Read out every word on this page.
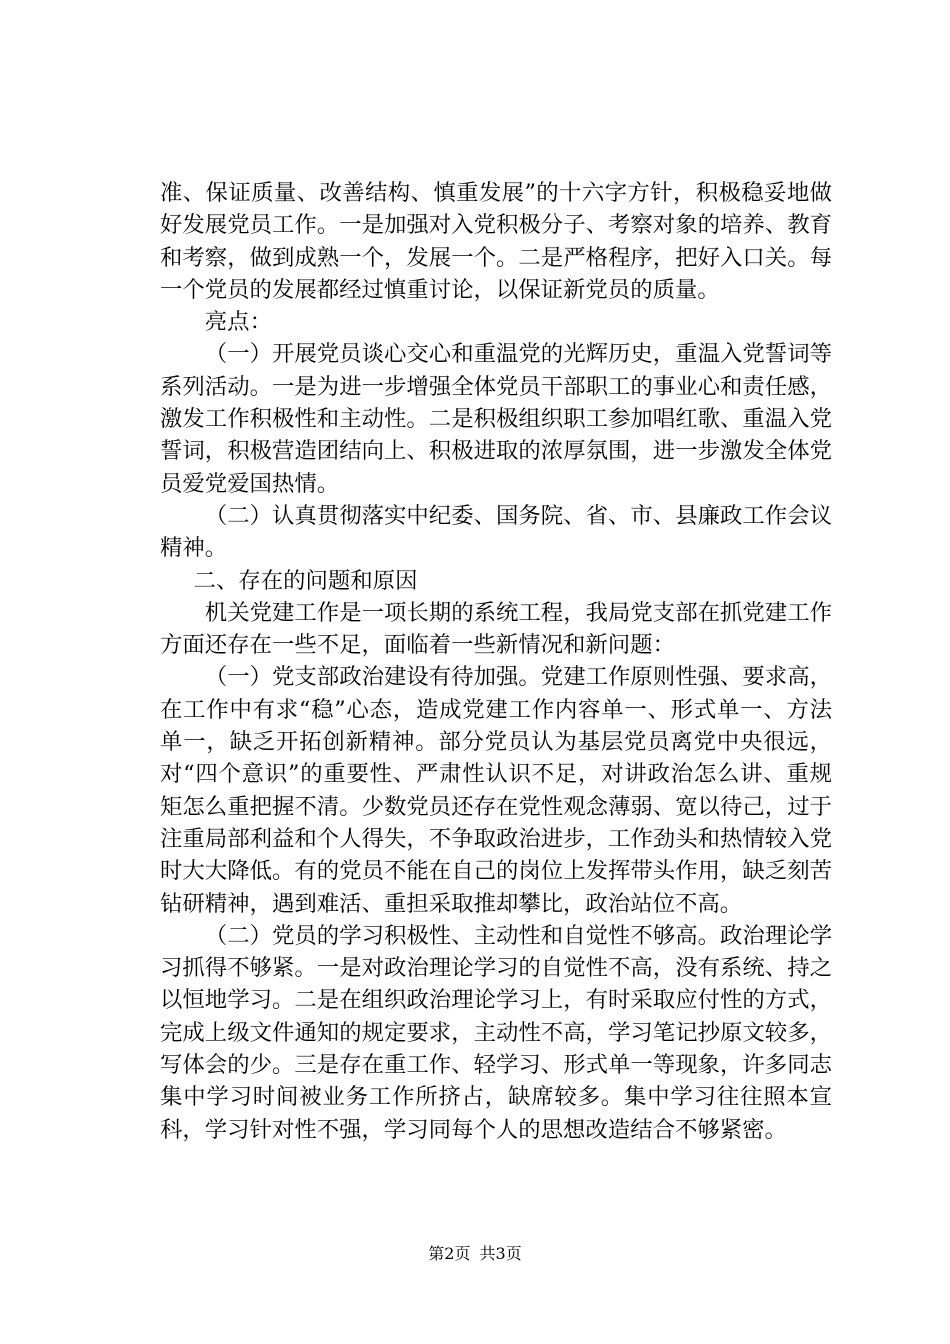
准、保证质量、改善结构、慎重发展”的十六字方针，积极稳妥地做好发展党员工作。一是加强对入党积极分子、考察对象的培养、教育和考察，做到成熟一个，发展一个。二是严格程序，把好入口关。每一个党员的发展都经过慎重讨论，以保证新党员的质量。

亮点：

（一）开展党员谈心交心和重温党的光辉历史，重温入党誓词等系列活动。一是为进一步增强全体党员干部职工的事业心和责任感，激发工作积极性和主动性。二是积极组织职工参加唱红歌、重温入党誓词，积极营造团结向上、积极进取的浓厚氛围，进一步激发全体党员爱党爱国热情。

（二）认真贯彻落实中纪委、国务院、省、市、县廉政工作会议精神。

二、存在的问题和原因

机关党建工作是一项长期的系统工程，我局党支部在抓党建工作方面还存在一些不足，面临着一些新情况和新问题：

（一）党支部政治建设有待加强。党建工作原则性强、要求高，在工作中有求“稳”心态，造成党建工作内容单一、形式单一、方法单一，缺乏开拓创新精神。部分党员认为基层党员离党中央很远，对“四个意识”的重要性、严肃性认识不足，对讲政治怎么讲、重规矩怎么重把握不清。少数党员还存在党性观念薄弱、宽以待己，过于注重局部利益和个人得失，不争取政治进步，工作劲头和热情较入党时大大降低。有的党员不能在自己的岗位上发挥带头作用，缺乏刻苦钻研精神，遇到难活、重担采取推却攀比，政治站位不高。

（二）党员的学习积极性、主动性和自觉性不够高。政治理论学习抓得不够紧。一是对政治理论学习的自觉性不高，没有系统、持之以恒地学习。二是在组织政治理论学习上，有时采取应付性的方式，完成上级文件通知的规定要求，主动性不高，学习笔记抄原文较多，写体会的少。三是存在重工作、轻学习、形式单一等现象，许多同志集中学习时间被业务工作所挤占，缺席较多。集中学习往往照本宣科，学习针对性不强，学习同每个人的思想改造结合不够紧密。

第2页 共3页
